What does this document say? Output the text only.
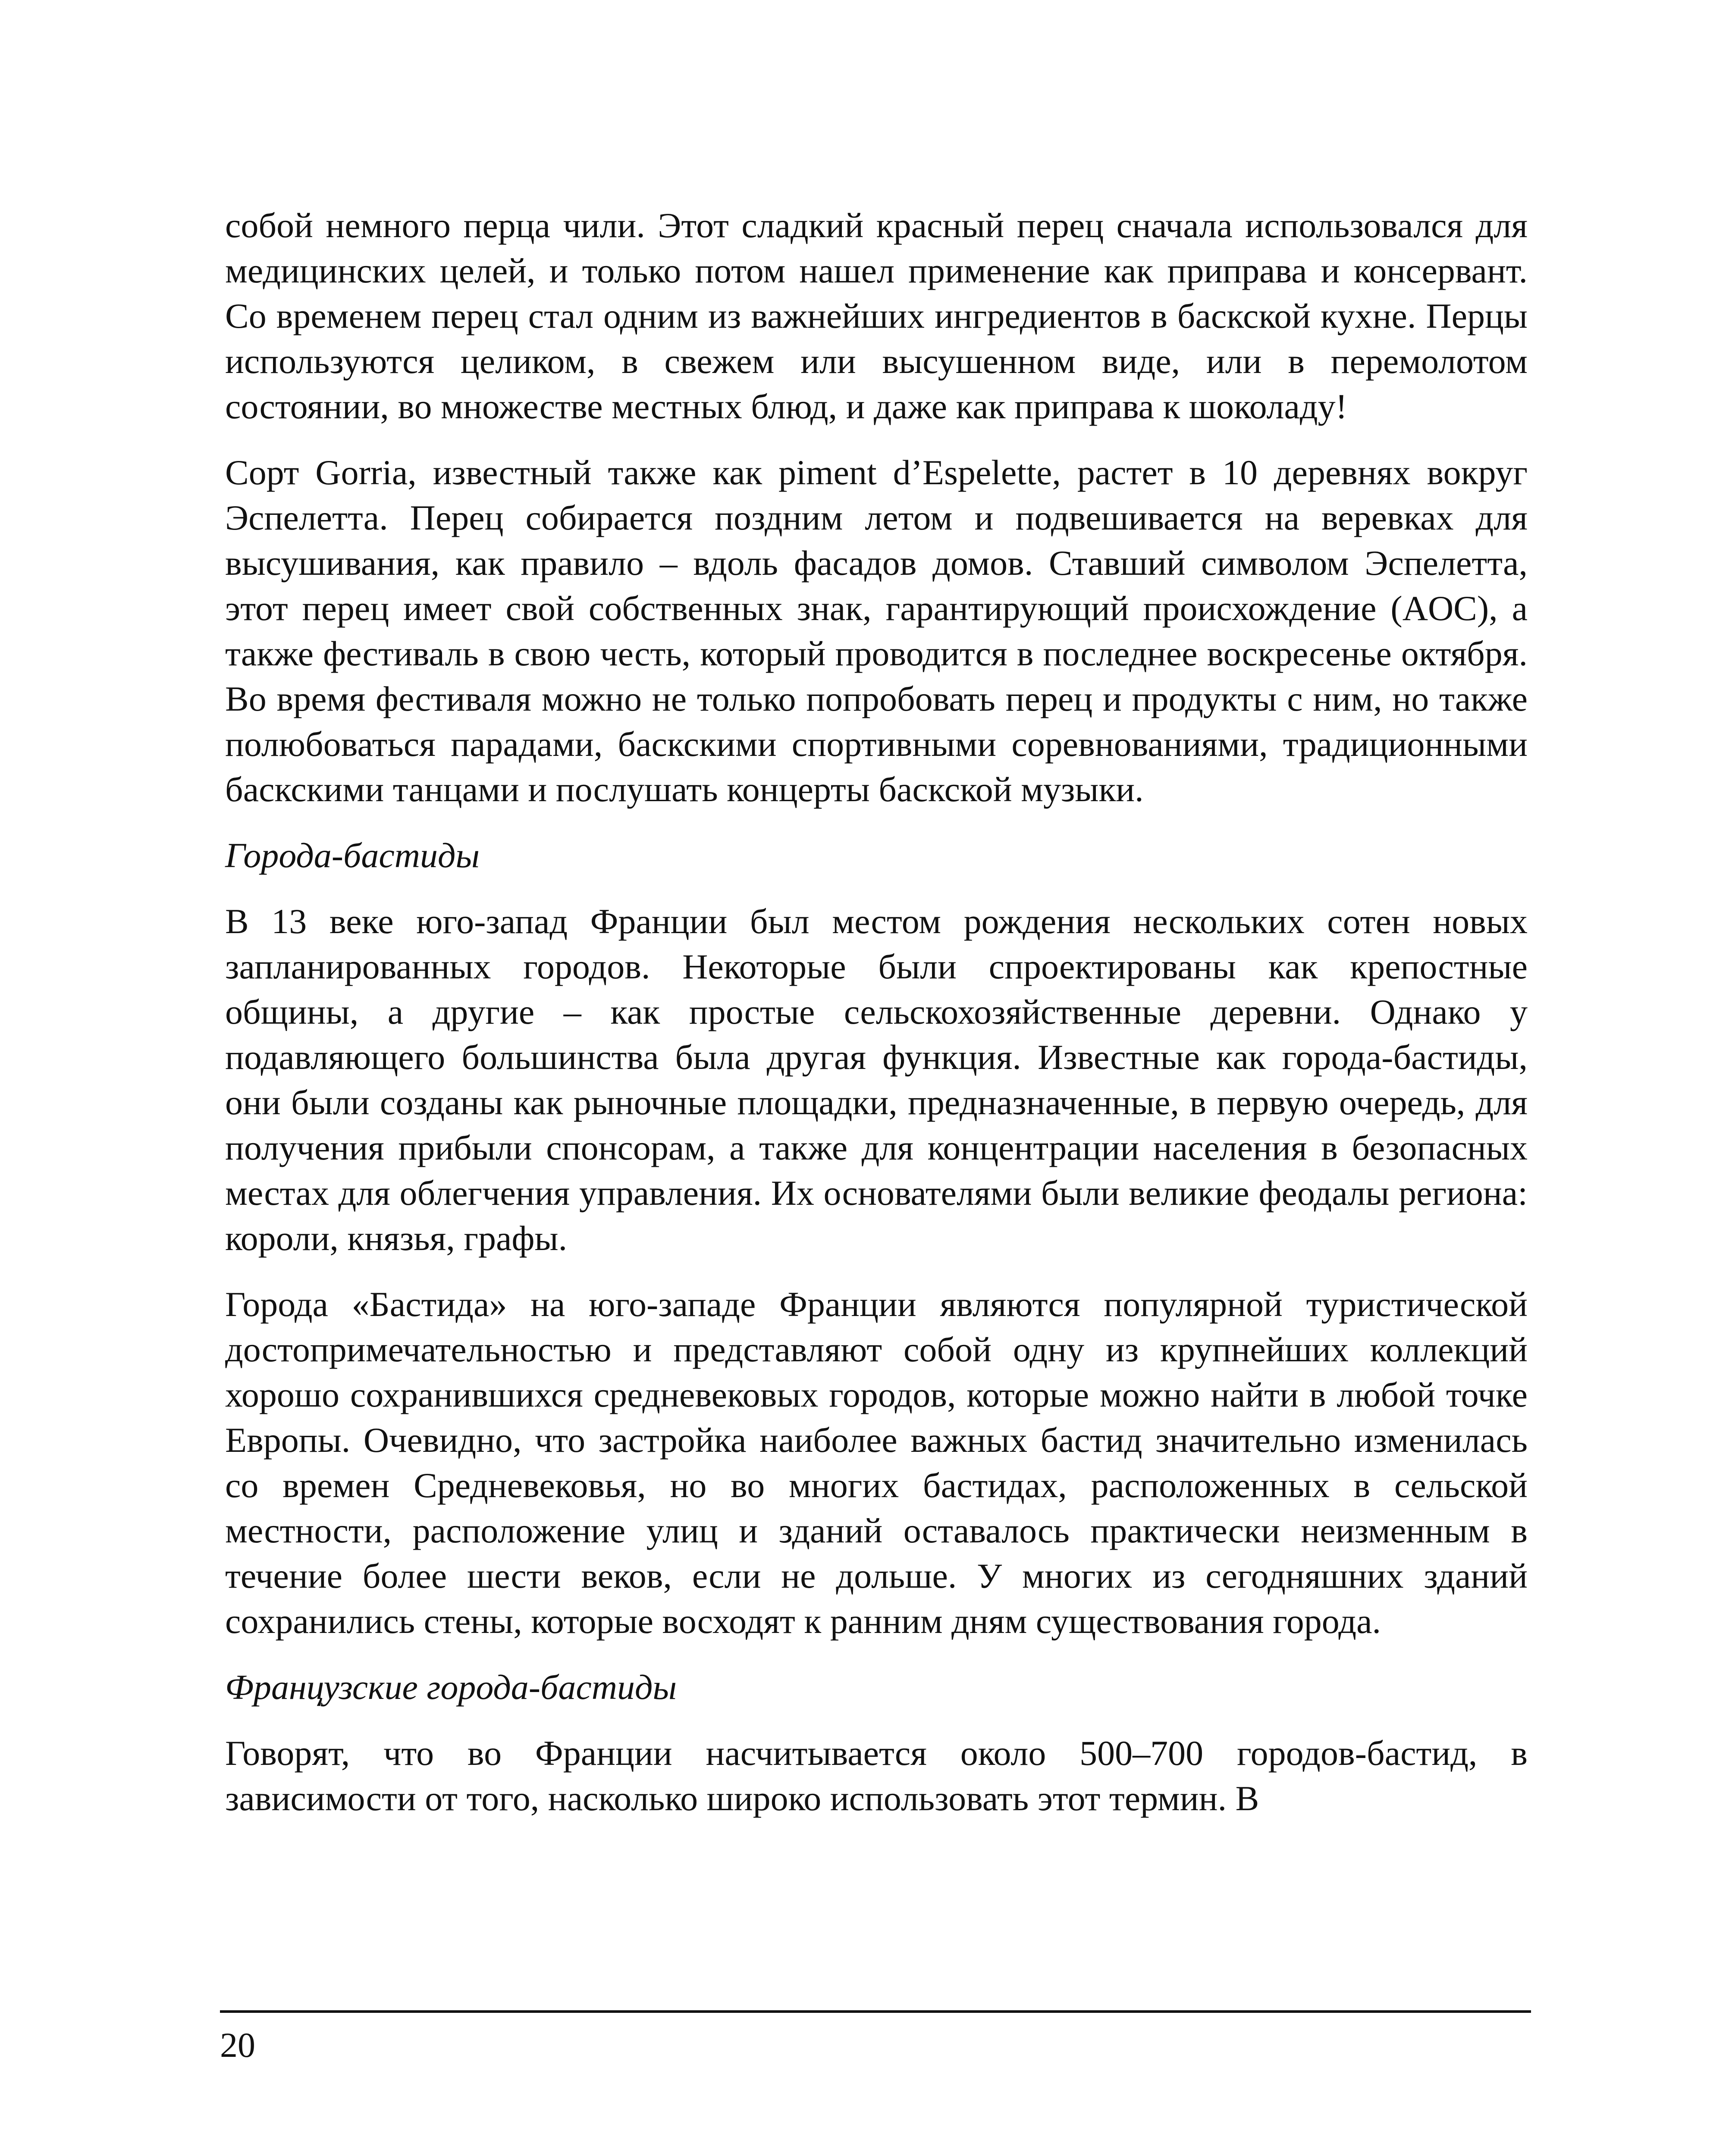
собой немного перца чили. Этот сладкий красный перец сначала использовался для медицинских целей, и только потом нашел применение как приправа и консервант. Со временем перец стал одним из важнейших ингредиентов в баскской кухне. Перцы используются целиком, в свежем или высушенном виде, или в перемолотом состоянии, во множестве местных блюд, и даже как приправа к шоколаду!

Сорт Gorria, известный также как piment d’Espelette, растет в 10 деревнях вокруг Эспелетта. Перец собирается поздним летом и подвешивается на веревках для высушивания, как правило – вдоль фасадов домов. Ставший символом Эспелетта, этот перец имеет свой собственных знак, гарантирующий происхождение (AOC), а также фестиваль в свою честь, который проводится в последнее воскресенье октября. Во время фестиваля можно не только попробовать перец и продукты с ним, но также полюбоваться парадами, баскскими спортивными соревнованиями, традиционными баскскими танцами и послушать концерты баскской музыки.

Города-бастиды

В 13 веке юго-запад Франции был местом рождения нескольких сотен новых запланированных городов. Некоторые были спроектированы как крепостные общины, а другие – как простые сельскохозяйственные деревни. Однако у подавляющего большинства была другая функция. Известные как города-бастиды, они были созданы как рыночные площадки, предназначенные, в первую очередь, для получения прибыли спонсорам, а также для концентрации населения в безопасных местах для облегчения управления. Их основателями были великие феодалы региона: короли, князья, графы.

Города «Бастида» на юго-западе Франции являются популярной туристической достопримечательностью и представляют собой одну из крупнейших коллекций хорошо сохранившихся средневековых городов, которые можно найти в любой точке Европы. Очевидно, что застройка наиболее важных бастид значительно изменилась со времен Средневековья, но во многих бастидах, расположенных в сельской местности, расположение улиц и зданий оставалось практически неизменным в течение более шести веков, если не дольше. У многих из сегодняшних зданий сохранились стены, которые восходят к ранним дням существования города.

Французские города-бастиды

Говорят, что во Франции насчитывается около 500–700 городов-бастид, в зависимости от того, насколько широко использовать этот термин. В

20
